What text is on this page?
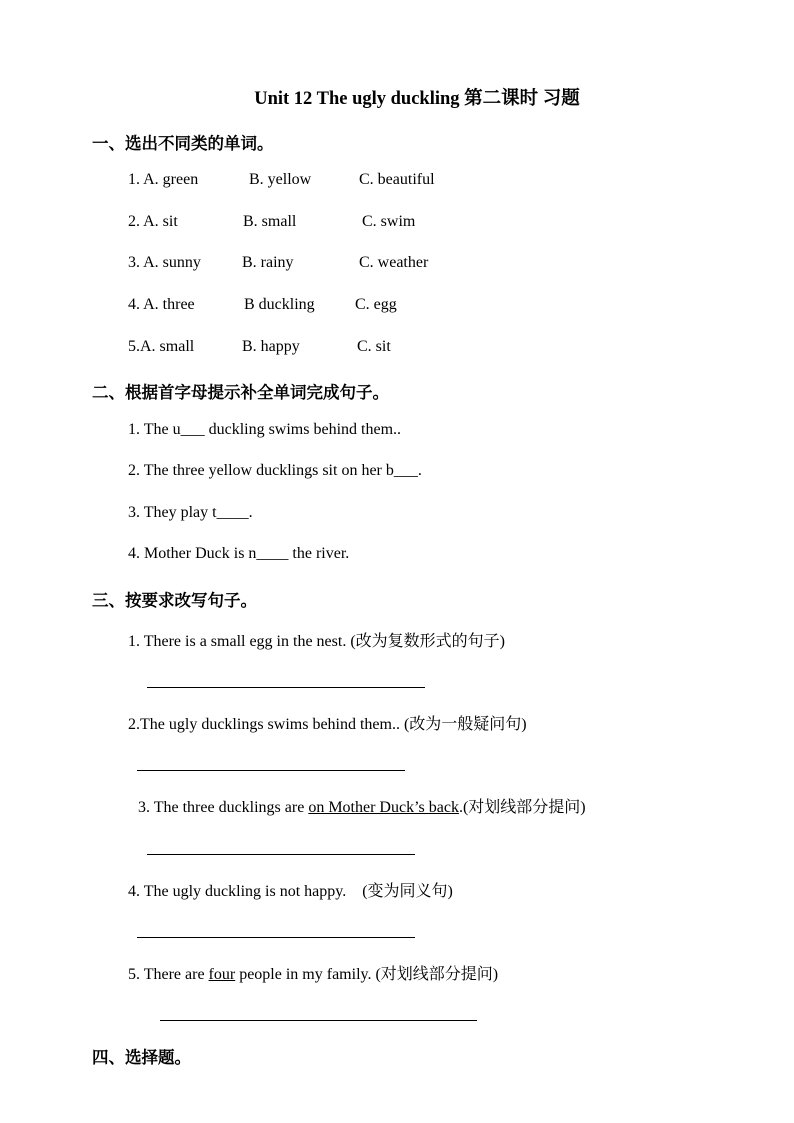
Unit 12 The ugly duckling 第二课时 习题
一、选出不同类的单词。
1. A. green	B. yellow	C. beautiful
2. A. sit	B. small	C. swim
3. A. sunny	B. rainy	C. weather
4. A. three	B duckling	C. egg
5.A. small	B. happy	C. sit
二、根据首字母提示补全单词完成句子。
1. The u___ duckling swims behind them..
2. The three yellow ducklings sit on her b___.
3. They play t____.
4. Mother Duck is n____ the river.
三、按要求改写句子。
1. There is a small egg in the nest. (改为复数形式的句子)
2.The ugly ducklings swims behind them.. (改为一般疑问句)
3. The three ducklings are on Mother Duck’s back.(对划线部分提问)
4. The ugly duckling is not happy.    (变为同义句)
5. There are four people in my family. (对划线部分提问)
四、选择题。
